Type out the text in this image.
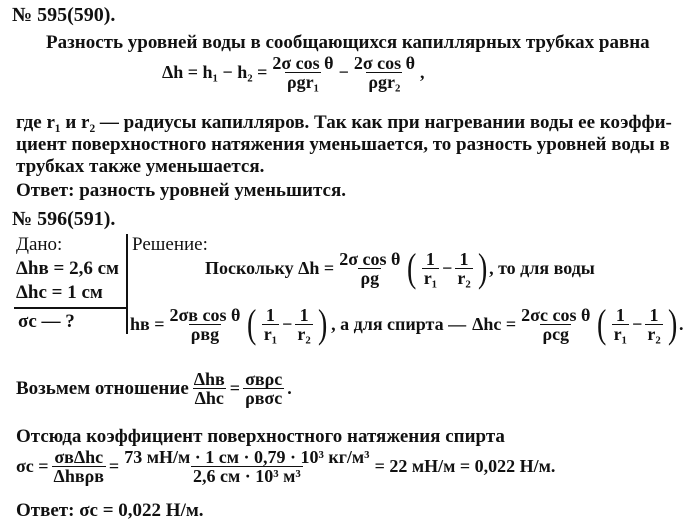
№ 595(590).
Разность уровней воды в сообщающихся капиллярных трубках равна
$\Delta h = h_1 - h_2 = \frac{\text{2σ cos θ}}{\text{ρgr₁}} - \frac{\text{2σ cos θ}}{\text{ρgr₂}}$ ,
где r₁ и r₂ — радиусы капилляров. Так как при нагревании воды ее коэффи-
циент поверхностного натяжения уменьшается, то разность уровней воды в
трубках также уменьшается.
Ответ: разность уровней уменьшится.
№ 596(591).
Дано:
Δhв = 2,6 см
Δhс = 1 см
σс — ?
Решение:
Поскольку $\Delta h = \frac{\text{2σ cos θ}}{\rho g}$ ( $\frac{1}{\text{r₁}} - \frac{1}{\text{r₂}}$ ) , то для воды
hв = $\frac{\text{2σв cos θ}}{\text{ρвg}}$ ( $\frac{1}{\text{r₁}} - \frac{1}{\text{r₂}}$ ) , а для спирта — $\Delta hс = \frac{\text{2σс cos θ}}{\text{ρсg}}$ ( $\frac{1}{\text{r₁}} - \frac{1}{\text{r₂}}$ ) .
Возьмем отношение $\frac{\text{Δhв}}{\text{Δhс}} = \frac{\text{σвρс}}{\text{ρвσс}}$ .
Отсюда коэффициент поверхностного натяжения спирта
$\sigma с = \frac{\text{σвΔhс}}{\text{Δhвρв}} = \frac{\text{73 мН/м · 1 см · 0,79 · 10³ кг/м³}}{\text{2,6 см · 10³ м³}} = 22$ мН/м = 0,022 Н/м.
Ответ: σс = 0,022 Н/м.
